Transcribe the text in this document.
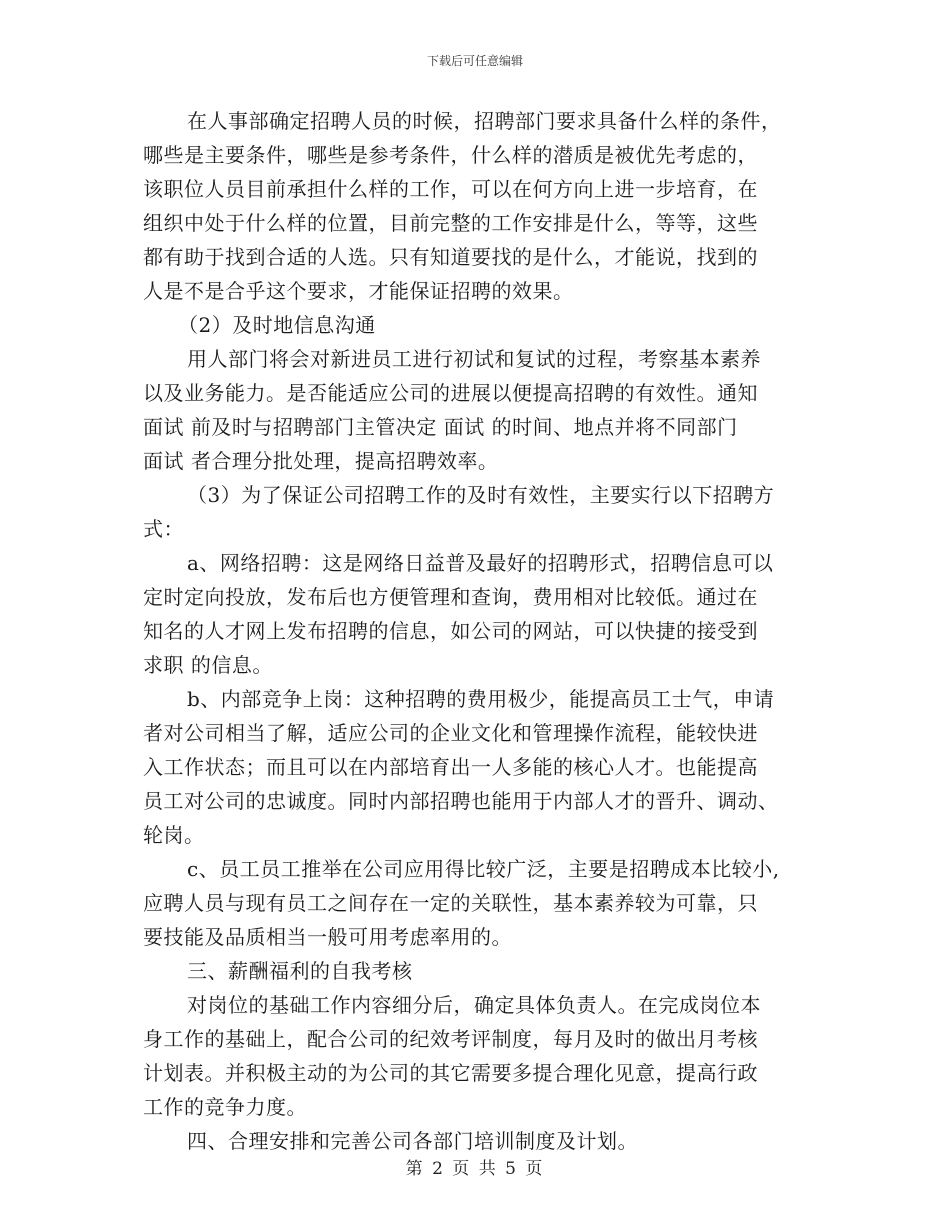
下载后可任意编辑
在人事部确定招聘人员的时候，招聘部门要求具备什么样的条件，
哪些是主要条件，哪些是参考条件，什么样的潜质是被优先考虑的，
该职位人员目前承担什么样的工作，可以在何方向上进一步培育，在
组织中处于什么样的位置，目前完整的工作安排是什么，等等，这些
都有助于找到合适的人选。只有知道要找的是什么，才能说，找到的
人是不是合乎这个要求，才能保证招聘的效果。
（2）及时地信息沟通
用人部门将会对新进员工进行初试和复试的过程，考察基本素养
以及业务能力。是否能适应公司的进展以便提高招聘的有效性。通知
面试 前及时与招聘部门主管决定 面试 的时间、地点并将不同部门
面试 者合理分批处理，提高招聘效率。
（3）为了保证公司招聘工作的及时有效性，主要实行以下招聘方
式：
a、网络招聘：这是网络日益普及最好的招聘形式，招聘信息可以
定时定向投放，发布后也方便管理和查询，费用相对比较低。通过在
知名的人才网上发布招聘的信息，如公司的网站，可以快捷的接受到
求职 的信息。
b、内部竞争上岗：这种招聘的费用极少，能提高员工士气，申请
者对公司相当了解，适应公司的企业文化和管理操作流程，能较快进
入工作状态；而且可以在内部培育出一人多能的核心人才。也能提高
员工对公司的忠诚度。同时内部招聘也能用于内部人才的晋升、调动、
轮岗。
c、员工员工推举在公司应用得比较广泛，主要是招聘成本比较小,
应聘人员与现有员工之间存在一定的关联性，基本素养较为可靠，只
要技能及品质相当一般可用考虑率用的。
三、薪酬福利的自我考核
对岗位的基础工作内容细分后，确定具体负责人。在完成岗位本
身工作的基础上，配合公司的纪效考评制度，每月及时的做出月考核
计划表。并积极主动的为公司的其它需要多提合理化见意，提高行政
工作的竞争力度。
四、合理安排和完善公司各部门培训制度及计划。
第 2 页 共 5 页
